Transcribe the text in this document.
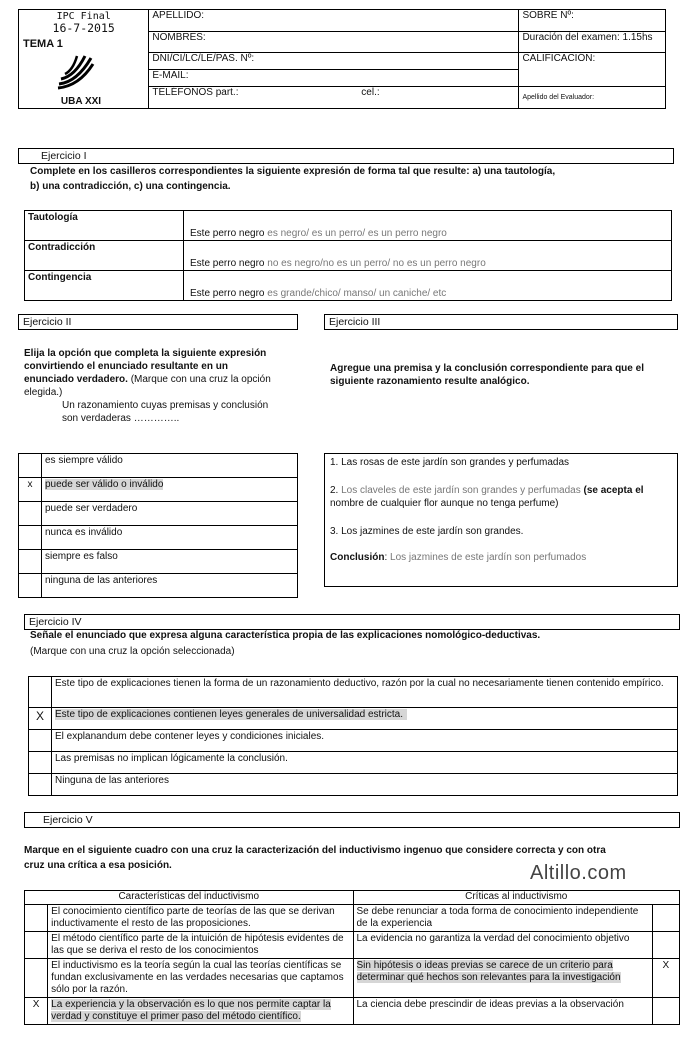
IPC Final
16-7-2015
TEMA 1
UBA XXI	APELLIDO:	SOBRE Nº:
	NOMBRES:	Duración del examen: 1.15hs
	DNI/CI/LC/LE/PAS. Nº:	CALIFICACIÓN:
	E-MAIL:	
	TELÉFONOS part.: cel.:	Apellido del Evaluador:
Ejercicio I
Complete en los casilleros correspondientes la siguiente expresión de forma tal que resulte: a) una tautología,
b) una contradicción, c) una contingencia.
Tautología	Este perro negro es negro/ es un perro/ es un perro negro
Contradicción	Este perro negro no es negro/no es un perro/ no es un perro negro
Contingencia	Este perro negro es grande/chico/ manso/ un caniche/ etc
Ejercicio II
Elija la opción que completa la siguiente expresión
convirtiendo el enunciado resultante en un
enunciado verdadero. (Marque con una cruz la opción
elegida.)
Un razonamiento cuyas premisas y conclusión
son verdaderas …………..
	es siempre válido
x	puede ser válido o inválido
	puede ser verdadero
	nunca es inválido
	siempre es falso
	ninguna de las anteriores
Ejercicio III
Agregue una premisa y la conclusión correspondiente para que el
siguiente razonamiento resulte analógico.
1. Las rosas de este jardín son grandes y perfumadas
2. Los claveles de este jardín son grandes y perfumadas (se acepta el
nombre de cualquier flor aunque no tenga perfume)
3. Los jazmines de este jardín son grandes.
Conclusión: Los jazmines de este jardín son perfumados
Ejercicio IV
Señale el enunciado que expresa alguna característica propia de las explicaciones nomológico-deductivas.
(Marque con una cruz la opción seleccionada)
	Este tipo de explicaciones tienen la forma de un razonamiento deductivo, razón por la cual no necesariamente tienen contenido empírico.
X	Este tipo de explicaciones contienen leyes generales de universalidad estricta.
	El explanandum debe contener leyes y condiciones iniciales.
	Las premisas no implican lógicamente la conclusión.
	Ninguna de las anteriores
Ejercicio V
Marque en el siguiente cuadro con una cruz la caracterización del inductivismo ingenuo que considere correcta y con otra
cruz una crítica a esa posición.	Altillo.com
Características del inductivismo		Críticas al inductivismo	
	El conocimiento científico parte de teorías de las que se derivan inductivamente el resto de las proposiciones.	Se debe renunciar a toda forma de conocimiento independiente de la experiencia	
	El método científico parte de la intuición de hipótesis evidentes de las que se deriva el resto de los conocimientos	La evidencia no garantiza la verdad del conocimiento objetivo	
	El inductivismo es la teoría según la cual las teorías científicas se fundan exclusivamente en las verdades necesarias que captamos sólo por la razón.	Sin hipótesis o ideas previas se carece de un criterio para determinar qué hechos son relevantes para la investigación	X
X	La experiencia y la observación es lo que nos permite captar la verdad y constituye el primer paso del método científico.	La ciencia debe prescindir de ideas previas a la observación	
